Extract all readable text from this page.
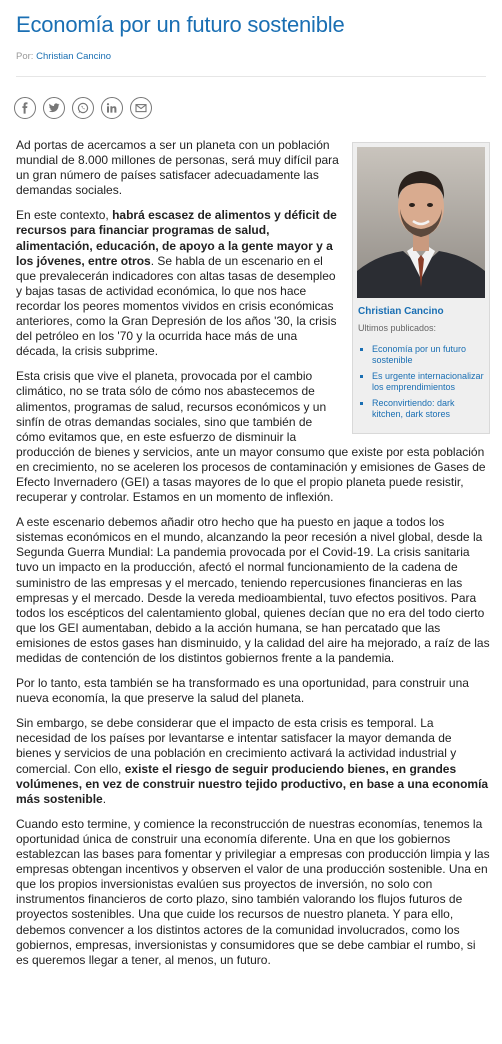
Economía por un futuro sostenible
Por: Christian Cancino
Christian Cancino
Ultimos publicados:
▪ Economía por un futuro sostenible
▪ Es urgente internacionalizar los emprendimientos
▪ Reconvirtiendo: dark kitchen, dark stores

Ad portas de acercamos a ser un planeta con un población mundial de 8.000 millones de personas, será muy difícil para un gran número de países satisfacer adecuadamente las demandas sociales.

En este contexto, habrá escasez de alimentos y déficit de recursos para financiar programas de salud, alimentación, educación, de apoyo a la gente mayor y a los jóvenes, entre otros. Se habla de un escenario en el que prevalecerán indicadores con altas tasas de desempleo y bajas tasas de actividad económica, lo que nos hace recordar los peores momentos vividos en crisis económicas anteriores, como la Gran Depresión de los años '30, la crisis del petróleo en los '70 y la ocurrida hace más de una década, la crisis subprime.

Esta crisis que vive el planeta, provocada por el cambio climático, no se trata sólo de cómo nos abastecemos de alimentos, programas de salud, recursos económicos y un sinfín de otras demandas sociales, sino que también de cómo evitamos que, en este esfuerzo de disminuir la producción de bienes y servicios, ante un mayor consumo que existe por esta población en crecimiento, no se aceleren los procesos de contaminación y emisiones de Gases de Efecto Invernadero (GEI) a tasas mayores de lo que el propio planeta puede resistir, recuperar y controlar. Estamos en un momento de inflexión.

A este escenario debemos añadir otro hecho que ha puesto en jaque a todos los sistemas económicos en el mundo, alcanzando la peor recesión a nivel global, desde la Segunda Guerra Mundial: La pandemia provocada por el Covid-19. La crisis sanitaria tuvo un impacto en la producción, afectó el normal funcionamiento de la cadena de suministro de las empresas y el mercado, teniendo repercusiones financieras en las empresas y el mercado. Desde la vereda medioambiental, tuvo efectos positivos. Para todos los escépticos del calentamiento global, quienes decían que no era del todo cierto que los GEI aumentaban, debido a la acción humana, se han percatado que las emisiones de estos gases han disminuido, y la calidad del aire ha mejorado, a raíz de las medidas de contención de los distintos gobiernos frente a la pandemia.

Por lo tanto, esta también se ha transformado es una oportunidad, para construir una nueva economía, la que preserve la salud del planeta.

Sin embargo, se debe considerar que el impacto de esta crisis es temporal. La necesidad de los países por levantarse e intentar satisfacer la mayor demanda de bienes y servicios de una población en crecimiento activará la actividad industrial y comercial. Con ello, existe el riesgo de seguir produciendo bienes, en grandes volúmenes, en vez de construir nuestro tejido productivo, en base a una economía más sostenible.

Cuando esto termine, y comience la reconstrucción de nuestras economías, tenemos la oportunidad única de construir una economía diferente. Una en que los gobiernos establezcan las bases para fomentar y privilegiar a empresas con producción limpia y las empresas obtengan incentivos y observen el valor de una producción sostenible. Una en que los propios inversionistas evalúen sus proyectos de inversión, no solo con instrumentos financieros de corto plazo, sino también valorando los flujos futuros de proyectos sostenibles. Una que cuide los recursos de nuestro planeta. Y para ello, debemos convencer a los distintos actores de la comunidad involucrados, como los gobiernos, empresas, inversionistas y consumidores que se debe cambiar el rumbo, si es queremos llegar a tener, al menos, un futuro.
